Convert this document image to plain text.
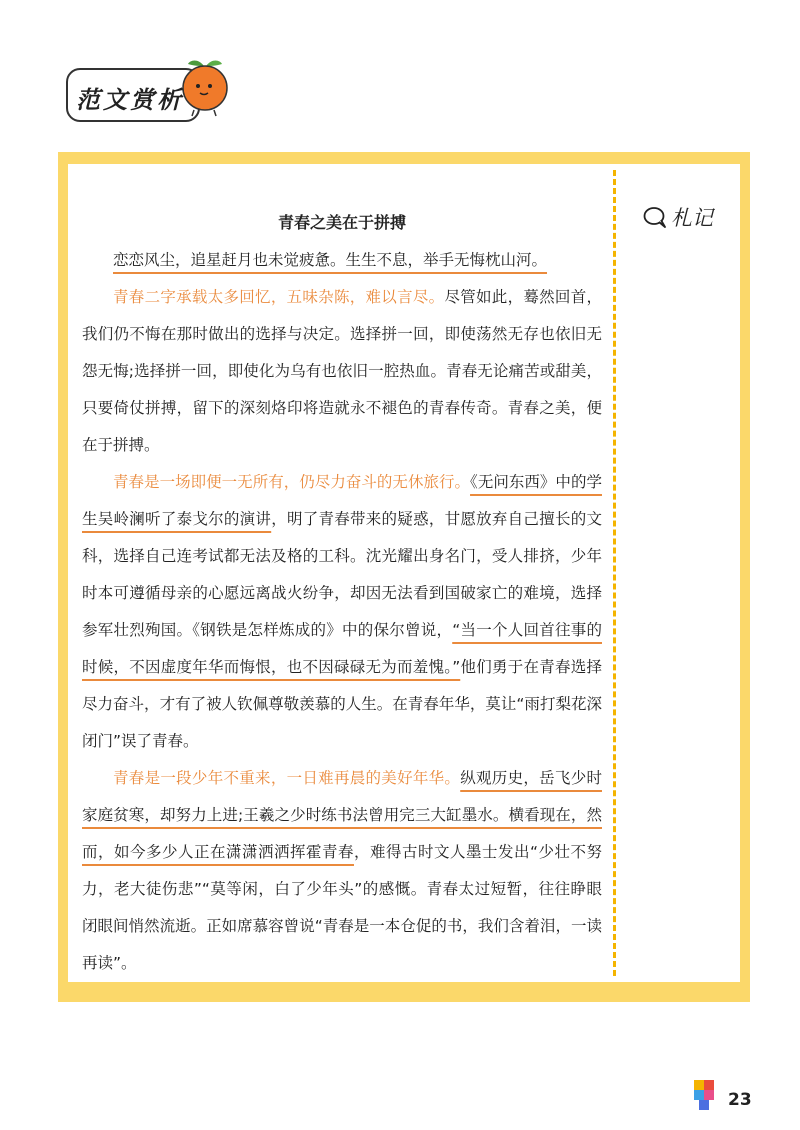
范文赏析
青春之美在于拼搏

恋恋风尘，追星赶月也未觉疲惫。生生不息，举手无悔枕山河。

青春二字承载太多回忆，五味杂陈，难以言尽。尽管如此，蓦然回首，我们仍不悔在那时做出的选择与决定。选择拼一回，即使荡然无存也依旧无怨无悔;选择拼一回，即使化为乌有也依旧一腔热血。青春无论痛苦或甜美，只要倚仗拼搏，留下的深刻烙印将造就永不褪色的青春传奇。青春之美，便在于拼搏。

青春是一场即便一无所有，仍尽力奋斗的无休旅行。《无问东西》中的学生吴岭澜听了泰戈尔的演讲，明了青春带来的疑惑，甘愿放弃自己擅长的文科，选择自己连考试都无法及格的工科。沈光耀出身名门，受人排挤，少年时本可遵循母亲的心愿远离战火纷争，却因无法看到国破家亡的难境，选择参军壮烈殉国。《钢铁是怎样炼成的》中的保尔曾说，“当一个人回首往事的时候，不因虚度年华而悔恨，也不因碌碌无为而羞愧。”他们勇于在青春选择尽力奋斗，才有了被人钦佩尊敬羡慕的人生。在青春年华，莫让“雨打梨花深闭门”误了青春。

青春是一段少年不重来，一日难再晨的美好年华。纵观历史，岳飞少时家庭贫寒，却努力上进;王羲之少时练书法曾用完三大缸墨水。横看现在，然而，如今多少人正在潇潇洒洒挥霍青春，难得古时文人墨士发出“少壮不努力，老大徒伤悲”“莫等闲，白了少年头”的感慨。青春太过短暂，往往睁眼闭眼间悄然流逝。正如席慕容曾说“青春是一本仓促的书，我们含着泪，一读再读”。

札记
23
